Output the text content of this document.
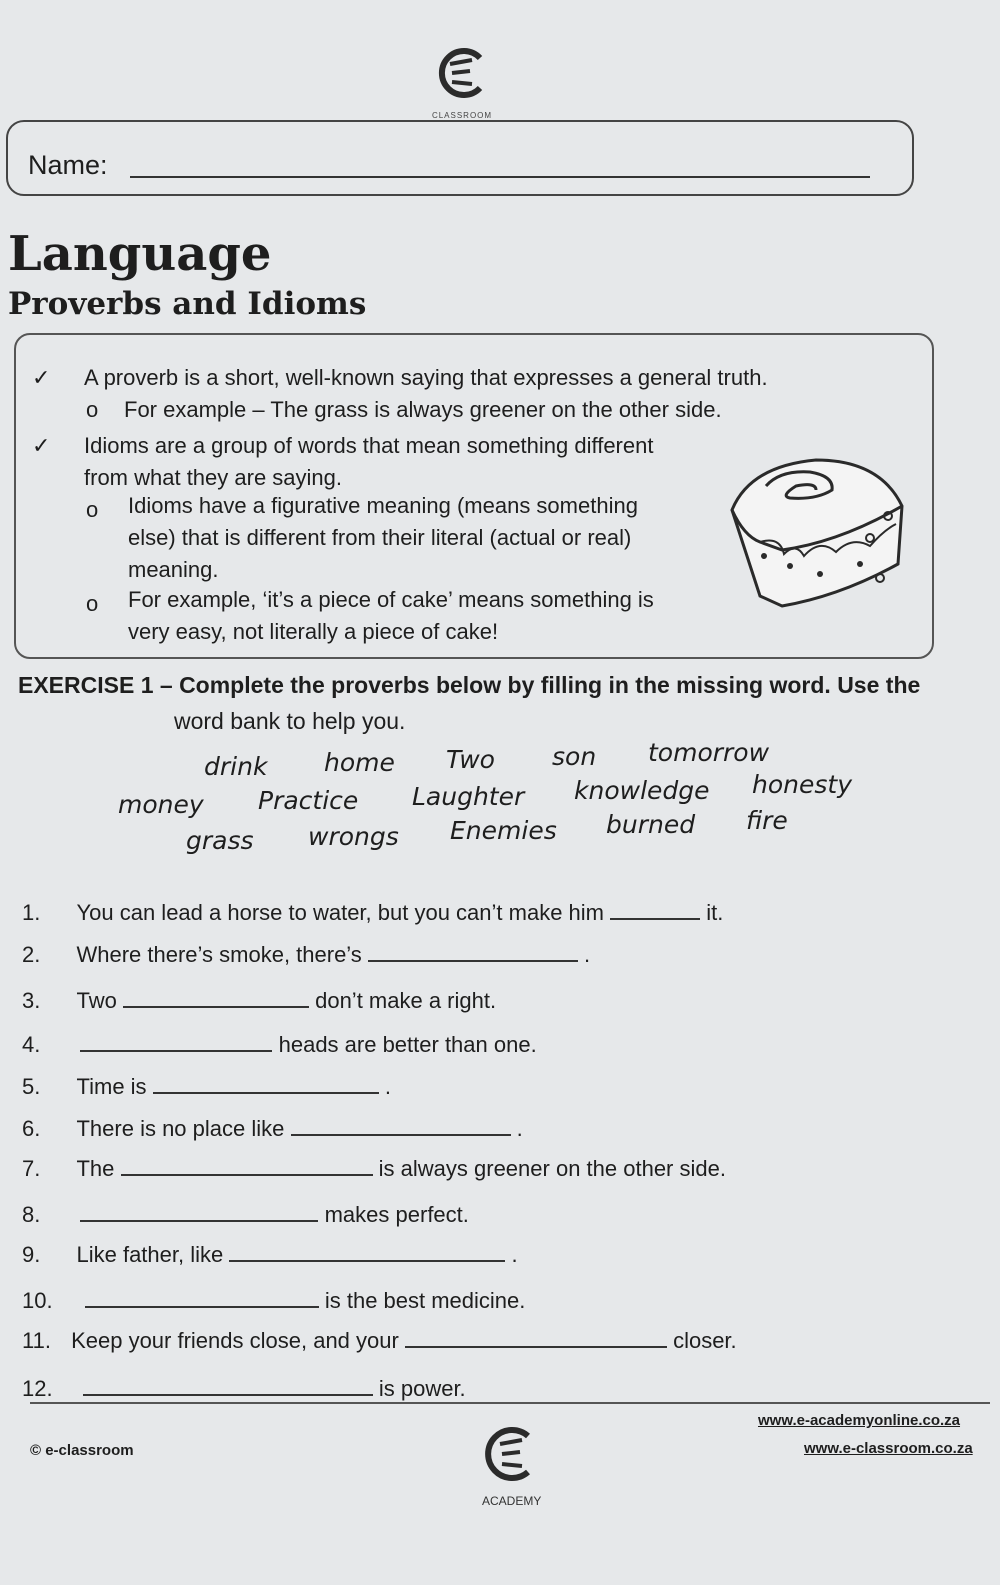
CLASSROOM
Name:
Language
Proverbs and Idioms
✓ A proverb is a short, well-known saying that expresses a general truth.
o For example – The grass is always greener on the other side.
✓ Idioms are a group of words that mean something different
from what they are saying.
o Idioms have a figurative meaning (means something
else) that is different from their literal (actual or real)
meaning.
o For example, ‘it’s a piece of cake’ means something is
very easy, not literally a piece of cake!
EXERCISE 1 – Complete the proverbs below by filling in the missing word. Use the
word bank to help you.
drink home Two son tomorrow
money Practice Laughter knowledge honesty
grass wrongs Enemies burned fire
1. You can lead a horse to water, but you can’t make him	it.
2. Where there’s smoke, there’s	.
3. Two	don’t make a right.
4.	heads are better than one.
5. Time is	.
6. There is no place like	.
7. The	is always greener on the other side.
8.	makes perfect.
9. Like father, like	.
10.	is the best medicine.
11. Keep your friends close, and your	closer.
12.	is power.
© e-classroom
www.e-academyonline.co.za
www.e-classroom.co.za
ACADEMY
